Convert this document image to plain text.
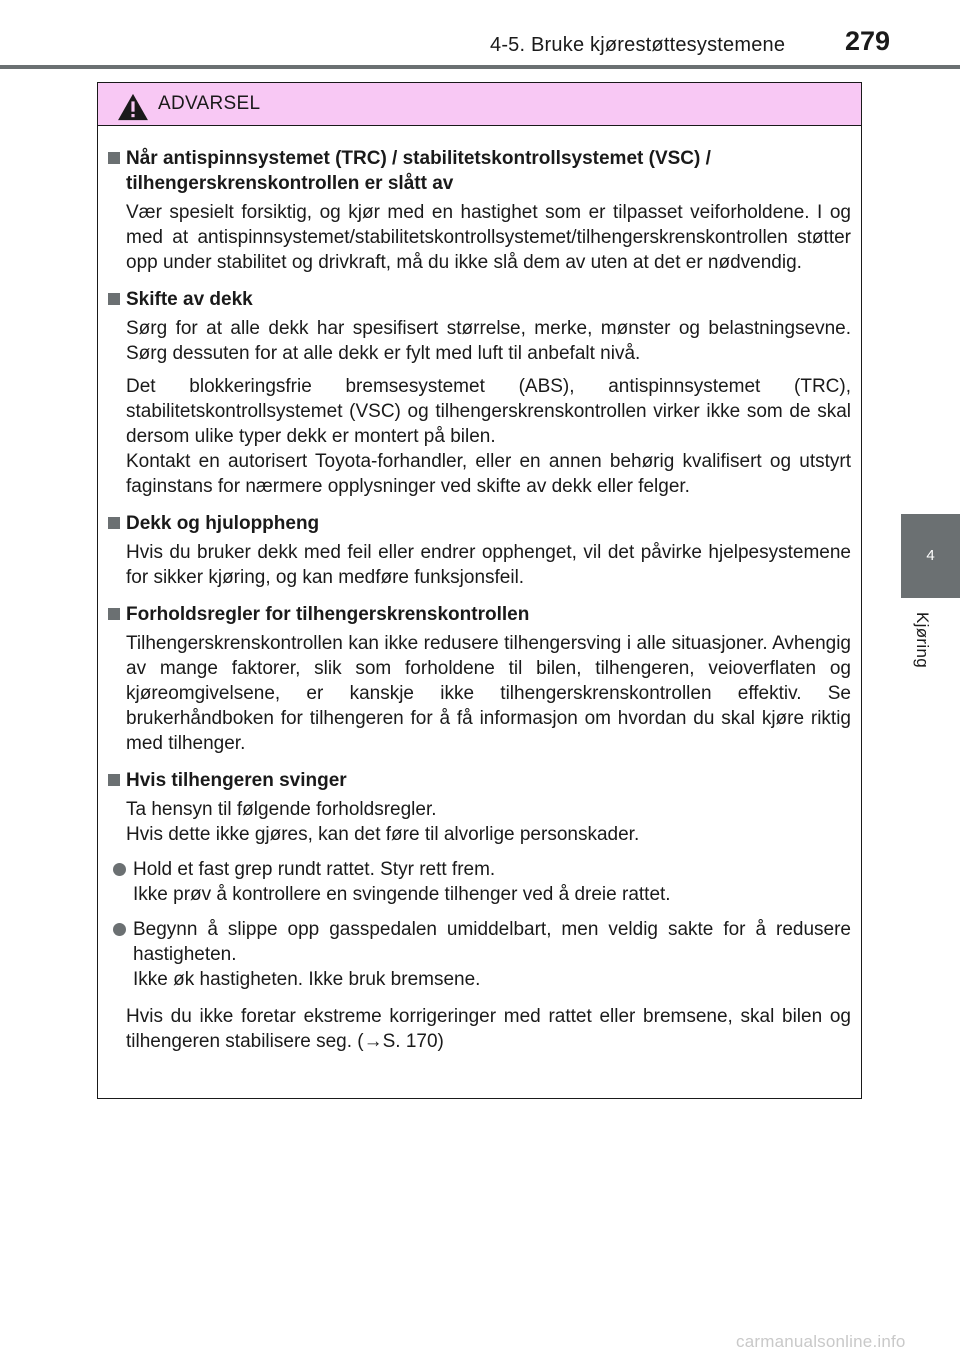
4-5. Bruke kjørestøttesystemene 279
4
Kjøring
ADVARSEL
Når antispinnsystemet (TRC) / stabilitetskontrollsystemet (VSC) / tilhengerskrenskontrollen er slått av

Vær spesielt forsiktig, og kjør med en hastighet som er tilpasset veiforholdene. I og med at antispinnsystemet/stabilitetskontrollsystemet/tilhengerskrenskontrollen støtter opp under stabilitet og drivkraft, må du ikke slå dem av uten at det er nødvendig.

Skifte av dekk

Sørg for at alle dekk har spesifisert størrelse, merke, mønster og belastningsevne. Sørg dessuten for at alle dekk er fylt med luft til anbefalt nivå.

Det blokkeringsfrie bremsesystemet (ABS), antispinnsystemet (TRC), stabilitetskontrollsystemet (VSC) og tilhengerskrenskontrollen virker ikke som de skal dersom ulike typer dekk er montert på bilen.

Kontakt en autorisert Toyota-forhandler, eller en annen behørig kvalifisert og utstyrt faginstans for nærmere opplysninger ved skifte av dekk eller felger.

Dekk og hjuloppheng

Hvis du bruker dekk med feil eller endrer opphenget, vil det påvirke hjelpesystemene for sikker kjøring, og kan medføre funksjonsfeil.

Forholdsregler for tilhengerskrenskontrollen

Tilhengerskrenskontrollen kan ikke redusere tilhengersving i alle situasjoner. Avhengig av mange faktorer, slik som forholdene til bilen, tilhengeren, veioverflaten og kjøreomgivelsene, er kanskje ikke tilhengerskrenskontrollen effektiv. Se brukerhåndboken for tilhengeren for å få informasjon om hvordan du skal kjøre riktig med tilhenger.

Hvis tilhengeren svinger

Ta hensyn til følgende forholdsregler.

Hvis dette ikke gjøres, kan det føre til alvorlige personskader.

Hold et fast grep rundt rattet. Styr rett frem.
Ikke prøv å kontrollere en svingende tilhenger ved å dreie rattet.
Begynn å slippe opp gasspedalen umiddelbart, men veldig sakte for å redusere hastigheten.
Ikke øk hastigheten. Ikke bruk bremsene.

Hvis du ikke foretar ekstreme korrigeringer med rattet eller bremsene, skal bilen og tilhengeren stabilisere seg. (→S. 170)

carmanualsonline.info
